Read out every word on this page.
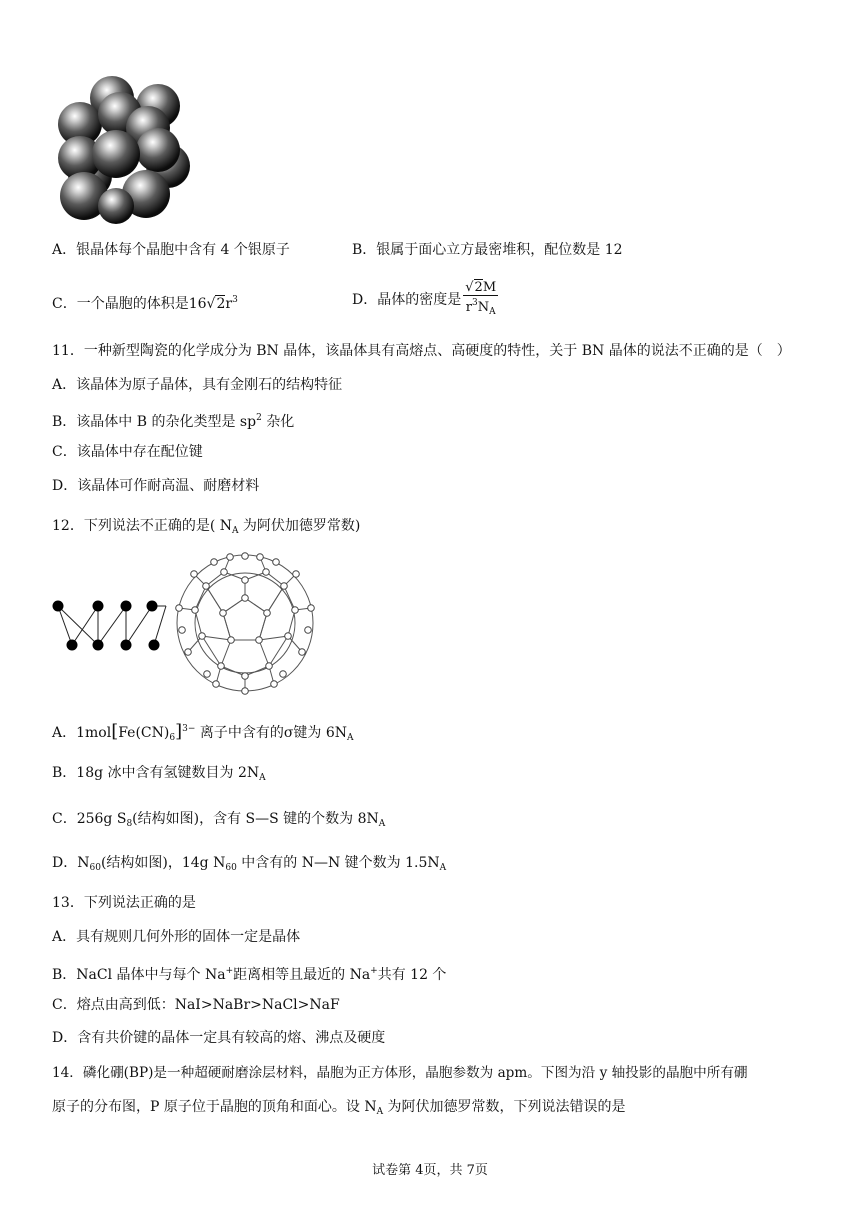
A．银晶体每个晶胞中含有 4 个银原子	B．银属于面心立方最密堆积，配位数是 12
C．一个晶胞的体积是$16√2r^3$	D．晶体的密度是 $\frac{√2M}{r^3N_A}$
11．一种新型陶瓷的化学成分为 BN 晶体，该晶体具有高熔点、高硬度的特性，关于 BN 晶体的说法不正确的是（　）
A．该晶体为原子晶体，具有金刚石的结构特征
B．该晶体中 B 的杂化类型是 $sp^2$ 杂化
C．该晶体中存在配位键
D．该晶体可作耐高温、耐磨材料
12．下列说法不正确的是( $N_A$ 为阿伏加德罗常数)
A．$1mol[Fe(CN)_6]^{3-}$ 离子中含有的σ键为 $6N_A$
B．18g 冰中含有氢键数目为 $2N_A$
C．256g $S_8$(结构如图)，含有 S—S 键的个数为 $8N_A$
D．$N_{60}$(结构如图)，14g $N_{60}$ 中含有的 N—N 键个数为 $1.5N_A$
13．下列说法正确的是
A．具有规则几何外形的固体一定是晶体
B．NaCl 晶体中与每个 Na+距离相等且最近的 Na+共有 12 个
C．熔点由高到低：NaI>NaBr>NaCl>NaF
D．含有共价键的晶体一定具有较高的熔、沸点及硬度
14．磷化硼(BP)是一种超硬耐磨涂层材料，晶胞为正方体形，晶胞参数为 apm。下图为沿 y 轴投影的晶胞中所有硼
原子的分布图，P 原子位于晶胞的顶角和面心。设 $N_A$ 为阿伏加德罗常数，下列说法错误的是
试卷第 4页，共 7页
